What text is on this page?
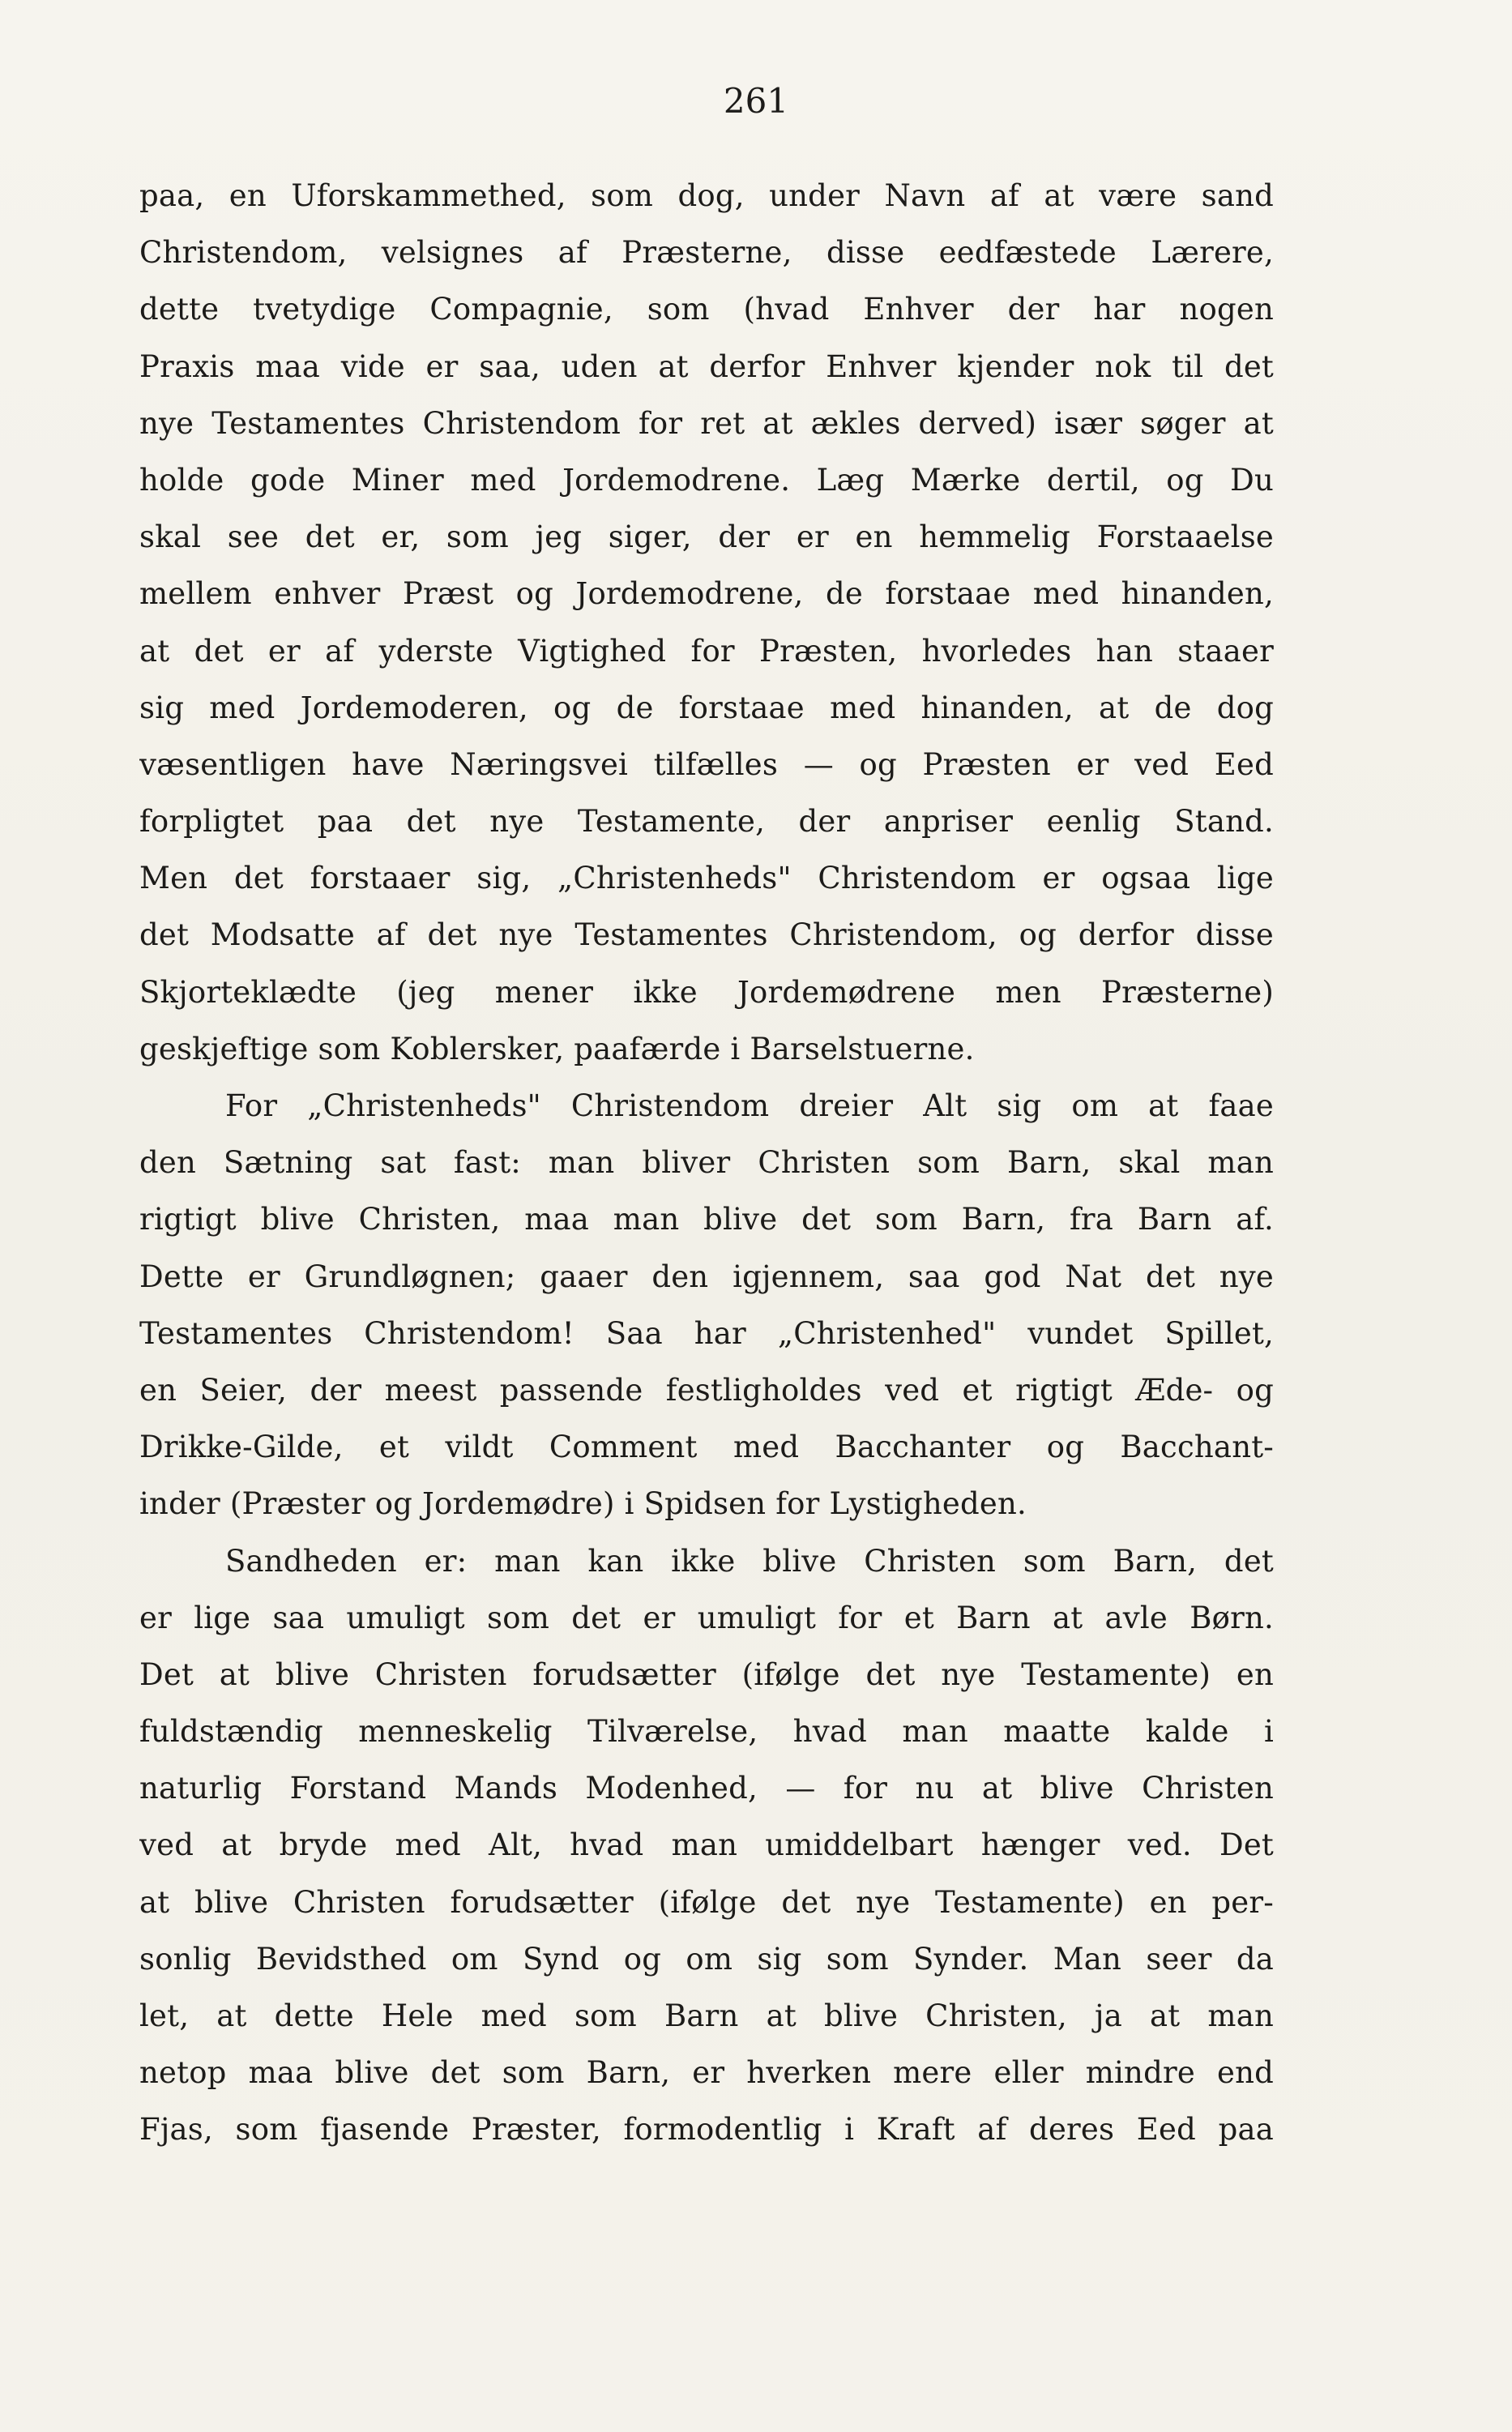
261
paa, en Uforskammethed, som dog, under Navn af at være sand
Christendom, velsignes af Præsterne, disse eedfæstede Lærere,
dette tvetydige Compagnie, som (hvad Enhver der har nogen
Praxis maa vide er saa, uden at derfor Enhver kjender nok til det
nye Testamentes Christendom for ret at ækles derved) især søger at
holde gode Miner med Jordemodrene. Læg Mærke dertil, og Du
skal see det er, som jeg siger, der er en hemmelig Forstaaelse
mellem enhver Præst og Jordemodrene, de forstaae med hinanden,
at det er af yderste Vigtighed for Præsten, hvorledes han staaer
sig med Jordemoderen, og de forstaae med hinanden, at de dog
væsentligen have Næringsvei tilfælles — og Præsten er ved Eed
forpligtet paa det nye Testamente, der anpriser eenlig Stand.
Men det forstaaer sig, „Christenheds" Christendom er ogsaa lige
det Modsatte af det nye Testamentes Christendom, og derfor disse
Skjorteklædte (jeg mener ikke Jordemødrene men Præsterne)
geskjeftige som Koblersker, paafærde i Barselstuerne.
For „Christenheds" Christendom dreier Alt sig om at faae
den Sætning sat fast: man bliver Christen som Barn, skal man
rigtigt blive Christen, maa man blive det som Barn, fra Barn af.
Dette er Grundløgnen; gaaer den igjennem, saa god Nat det nye
Testamentes Christendom! Saa har „Christenhed" vundet Spillet,
en Seier, der meest passende festligholdes ved et rigtigt Æde- og
Drikke-Gilde, et vildt Comment med Bacchanter og Bacchant-
inder (Præster og Jordemødre) i Spidsen for Lystigheden.
Sandheden er: man kan ikke blive Christen som Barn, det
er lige saa umuligt som det er umuligt for et Barn at avle Børn.
Det at blive Christen forudsætter (ifølge det nye Testamente) en
fuldstændig menneskelig Tilværelse, hvad man maatte kalde i
naturlig Forstand Mands Modenhed, — for nu at blive Christen
ved at bryde med Alt, hvad man umiddelbart hænger ved. Det
at blive Christen forudsætter (ifølge det nye Testamente) en per-
sonlig Bevidsthed om Synd og om sig som Synder. Man seer da
let, at dette Hele med som Barn at blive Christen, ja at man
netop maa blive det som Barn, er hverken mere eller mindre end
Fjas, som fjasende Præster, formodentlig i Kraft af deres Eed paa
